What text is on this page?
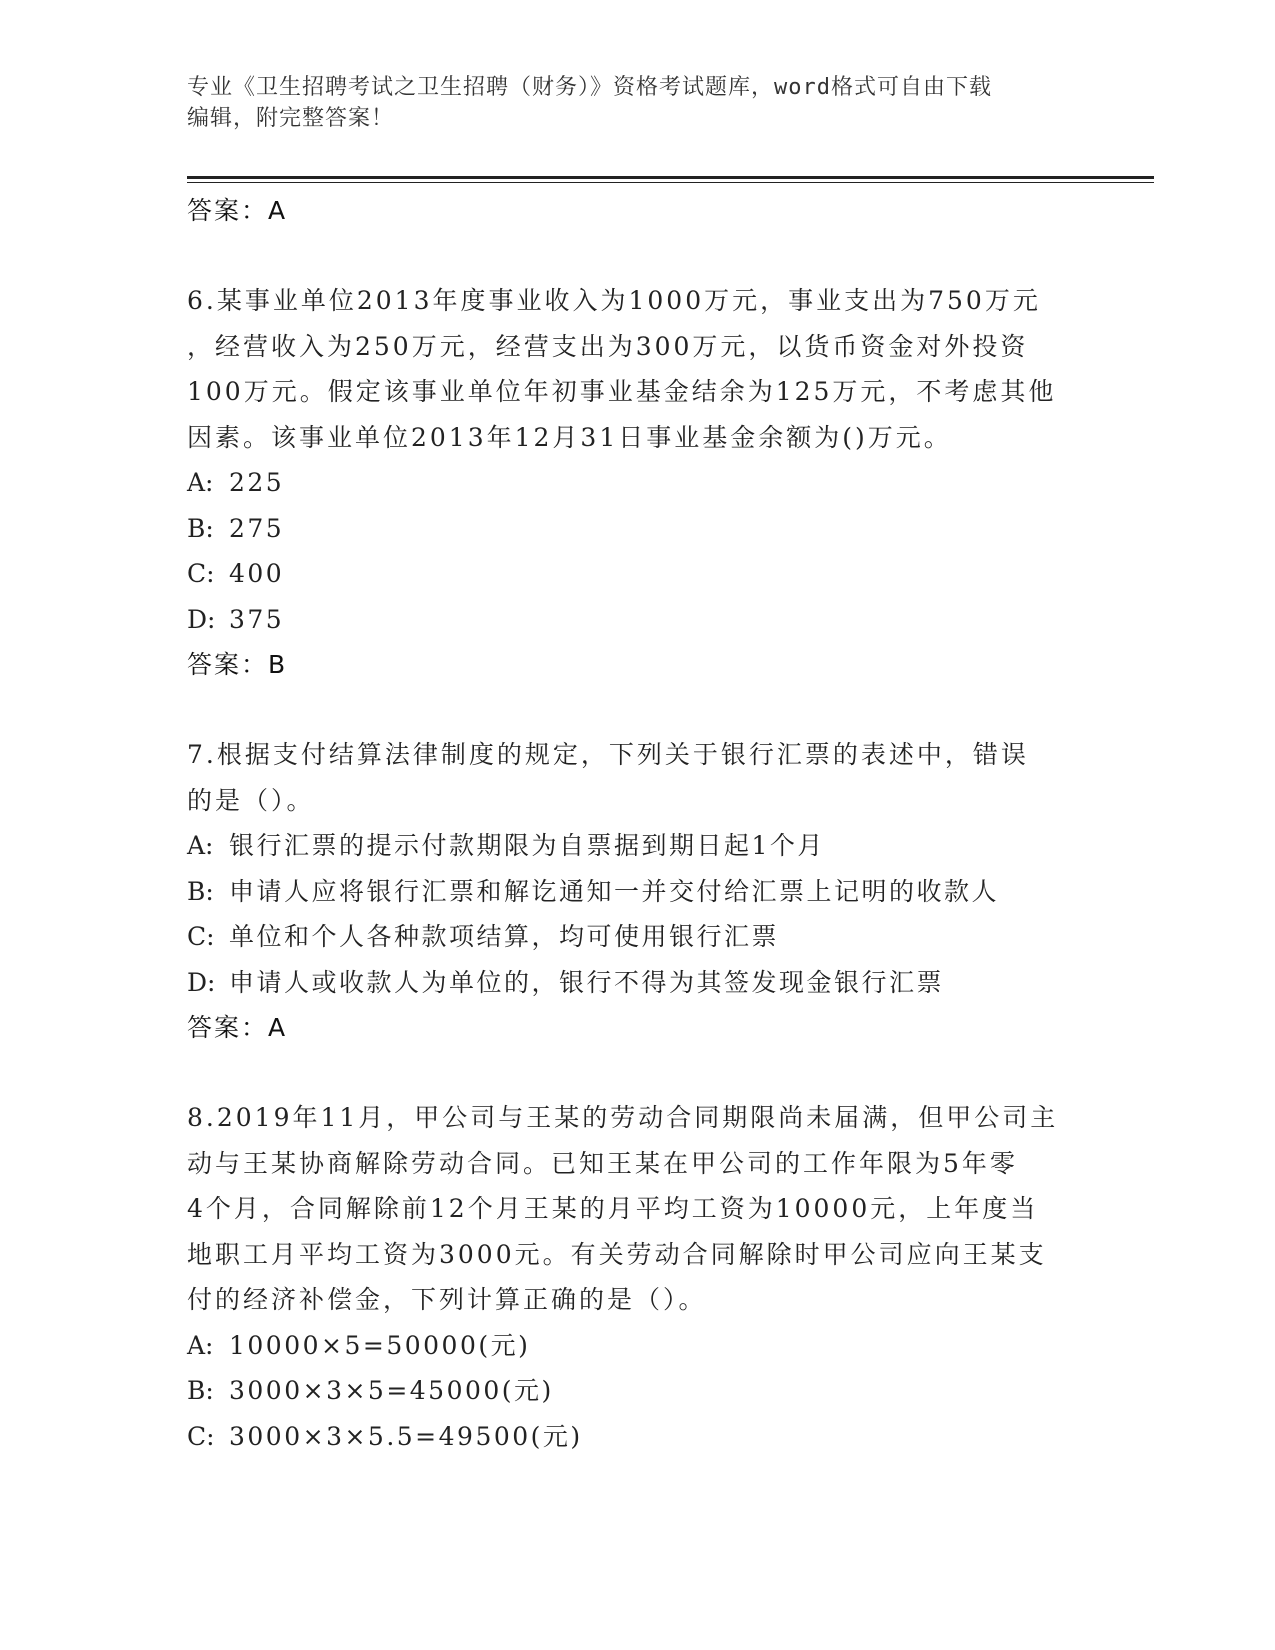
专业《卫生招聘考试之卫生招聘（财务）》资格考试题库，word格式可自由下载
编辑，附完整答案！
答案：A
6.某事业单位2013年度事业收入为1000万元，事业支出为750万元
，经营收入为250万元，经营支出为300万元，以货币资金对外投资
100万元。假定该事业单位年初事业基金结余为125万元，不考虑其他
因素。该事业单位2013年12月31日事业基金余额为()万元。
A: 225
B: 275
C: 400
D: 375
答案：B
7.根据支付结算法律制度的规定，下列关于银行汇票的表述中，错误
的是（）。
A: 银行汇票的提示付款期限为自票据到期日起1个月
B: 申请人应将银行汇票和解讫通知一并交付给汇票上记明的收款人
C: 单位和个人各种款项结算，均可使用银行汇票
D: 申请人或收款人为单位的，银行不得为其签发现金银行汇票
答案：A
8.2019年11月，甲公司与王某的劳动合同期限尚未届满，但甲公司主
动与王某协商解除劳动合同。已知王某在甲公司的工作年限为5年零
4个月，合同解除前12个月王某的月平均工资为10000元，上年度当
地职工月平均工资为3000元。有关劳动合同解除时甲公司应向王某支
付的经济补偿金，下列计算正确的是（）。
A: 10000×5=50000(元)
B: 3000×3×5=45000(元)
C: 3000×3×5.5=49500(元)
